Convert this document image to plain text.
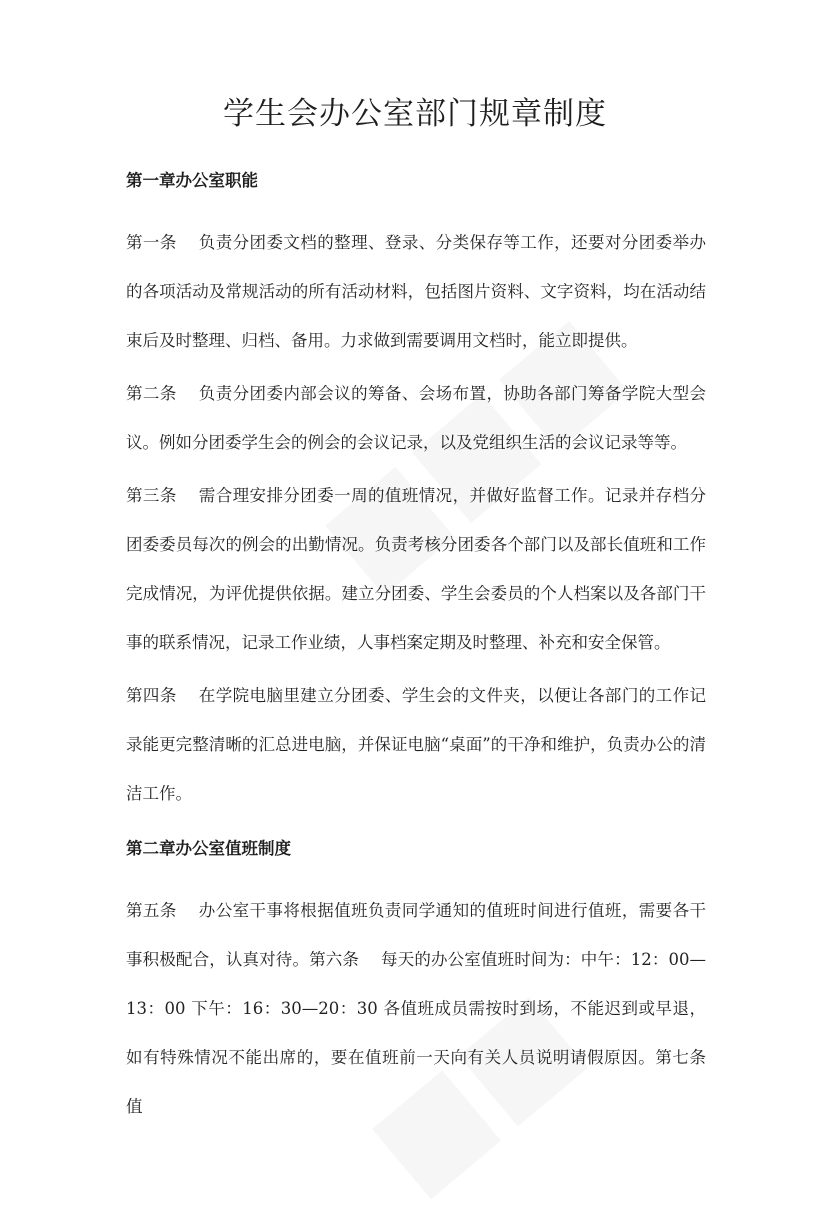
学生会办公室部门规章制度
第一章办公室职能

第一条 负责分团委文档的整理、登录、分类保存等工作，还要对分团委举办的各项活动及常规活动的所有活动材料，包括图片资料、文字资料，均在活动结束后及时整理、归档、备用。力求做到需要调用文档时，能立即提供。

第二条 负责分团委内部会议的筹备、会场布置，协助各部门筹备学院大型会议。例如分团委学生会的例会的会议记录，以及党组织生活的会议记录等等。

第三条 需合理安排分团委一周的值班情况，并做好监督工作。记录并存档分团委委员每次的例会的出勤情况。负责考核分团委各个部门以及部长值班和工作完成情况，为评优提供依据。建立分团委、学生会委员的个人档案以及各部门干事的联系情况，记录工作业绩，人事档案定期及时整理、补充和安全保管。

第四条 在学院电脑里建立分团委、学生会的文件夹，以便让各部门的工作记录能更完整清晰的汇总进电脑，并保证电脑“桌面”的干净和维护，负责办公的清洁工作。

第二章办公室值班制度

第五条 办公室干事将根据值班负责同学通知的值班时间进行值班，需要各干事积极配合，认真对待。第六条　 每天的办公室值班时间为：中午：12：00—13：00 下午：16：30—20：30 各值班成员需按时到场，不能迟到或早退，如有特殊情况不能出席的，要在值班前一天向有关人员说明请假原因。第七条　 值
